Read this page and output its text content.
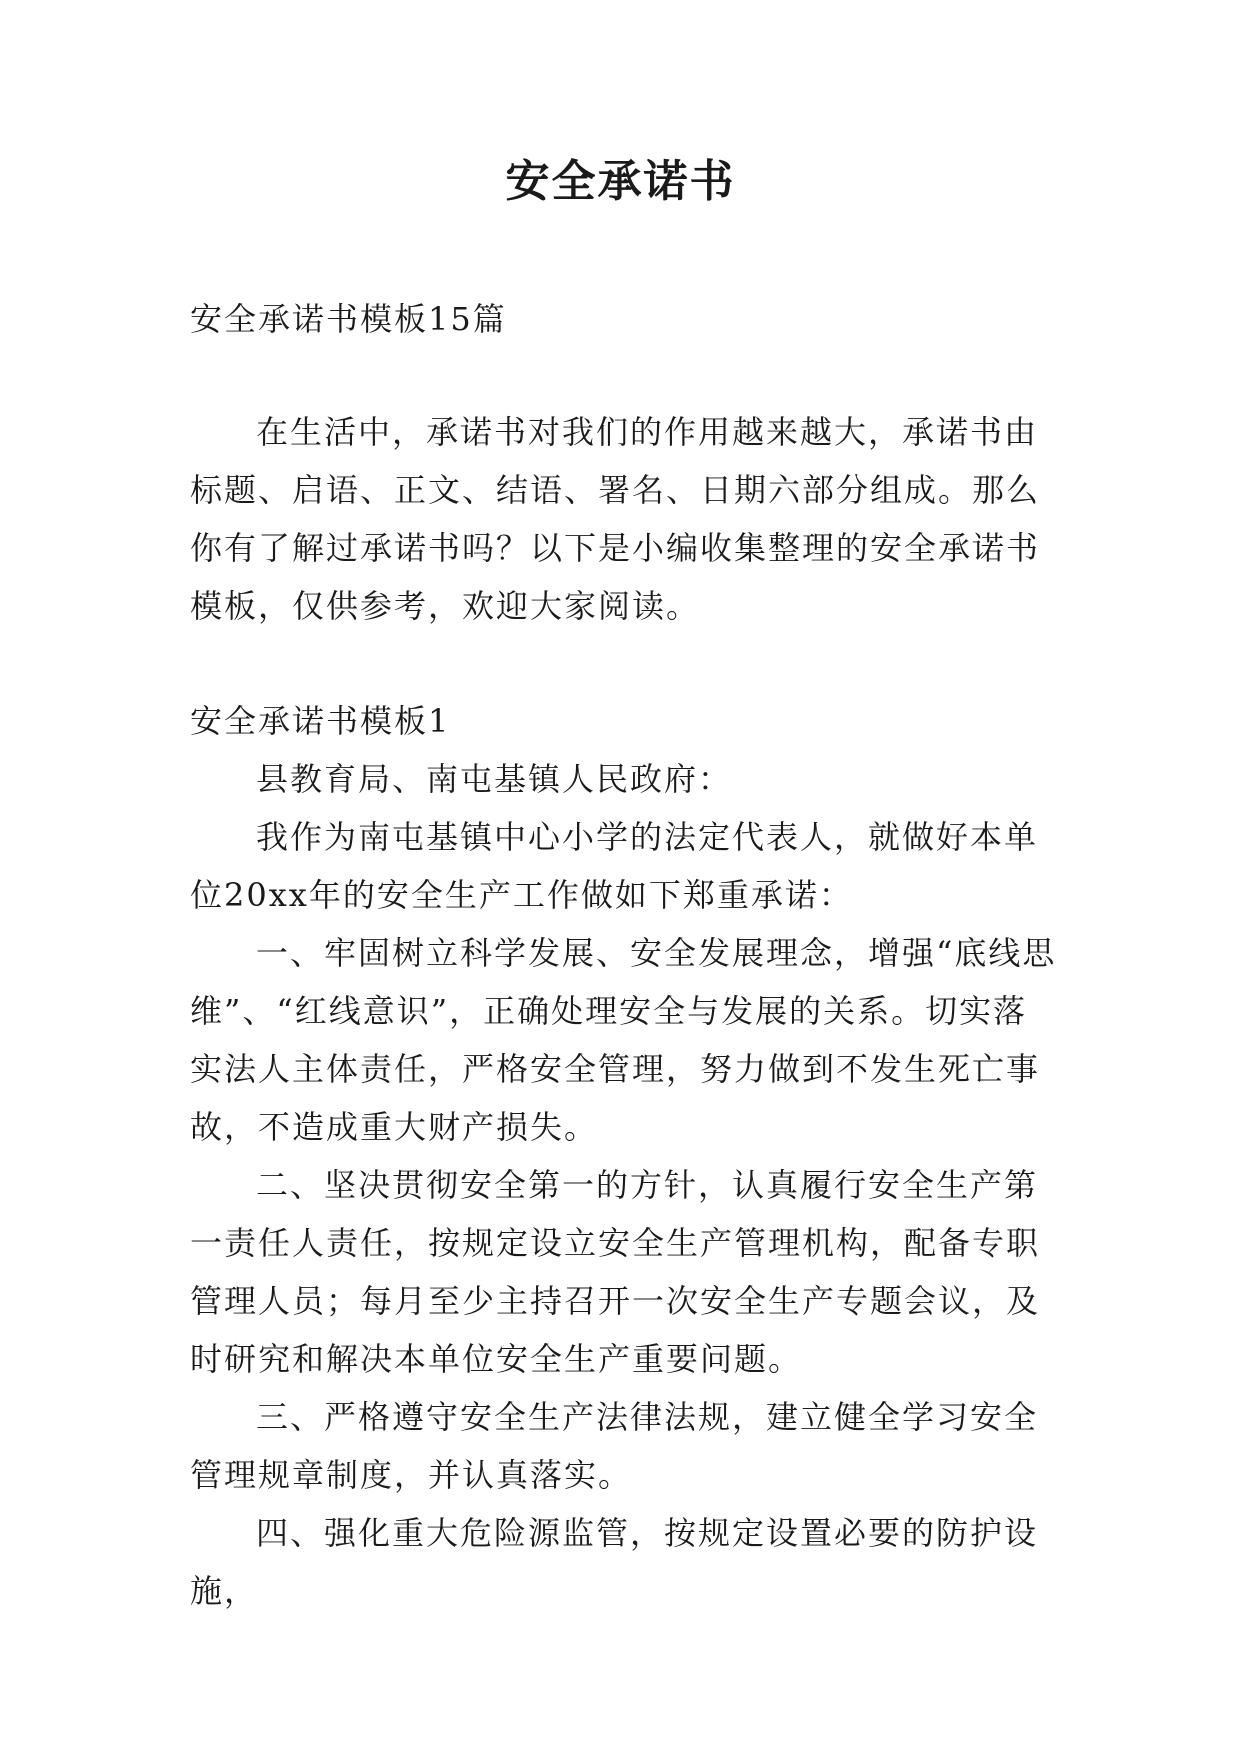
安全承诺书
安全承诺书模板15篇

在生活中，承诺书对我们的作用越来越大，承诺书由标题、启语、正文、结语、署名、日期六部分组成。那么你有了解过承诺书吗？以下是小编收集整理的安全承诺书模板，仅供参考，欢迎大家阅读。

安全承诺书模板1

县教育局、南屯基镇人民政府：

我作为南屯基镇中心小学的法定代表人，就做好本单位20xx年的安全生产工作做如下郑重承诺：

一、牢固树立科学发展、安全发展理念，增强“底线思维”、“红线意识”，正确处理安全与发展的关系。切实落实法人主体责任，严格安全管理，努力做到不发生死亡事故，不造成重大财产损失。

二、坚决贯彻安全第一的方针，认真履行安全生产第一责任人责任，按规定设立安全生产管理机构，配备专职管理人员；每月至少主持召开一次安全生产专题会议，及时研究和解决本单位安全生产重要问题。

三、严格遵守安全生产法律法规，建立健全学习安全管理规章制度，并认真落实。

四、强化重大危险源监管，按规定设置必要的防护设施，
